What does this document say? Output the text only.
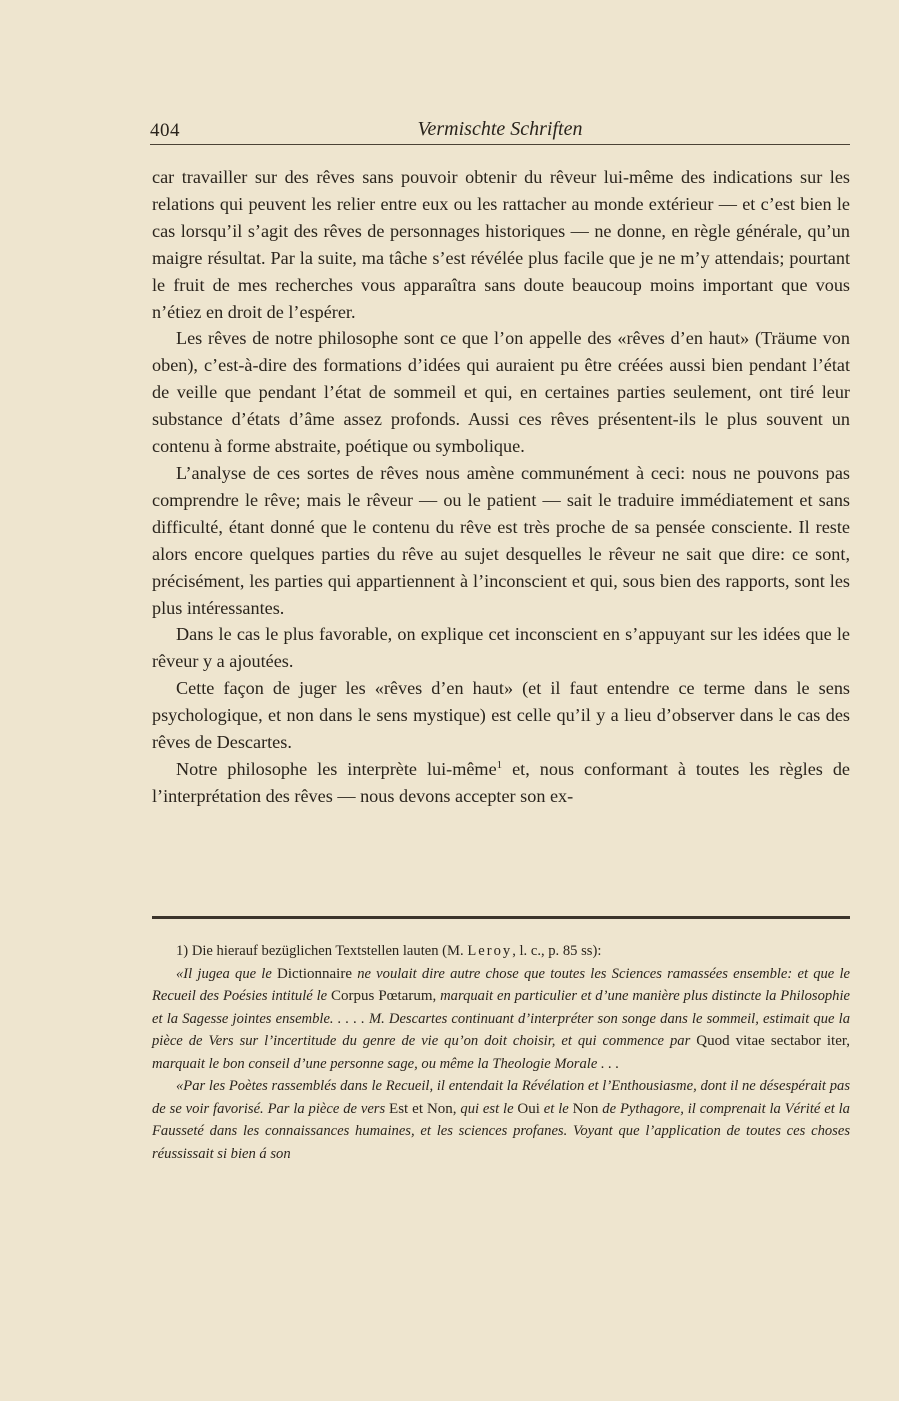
404	Vermischte Schriften

car travailler sur des rêves sans pouvoir obtenir du rêveur lui-même des indications sur les relations qui peuvent les relier entre eux ou les rattacher au monde extérieur — et c’est bien le cas lorsqu’il s’agit des rêves de personnages historiques — ne donne, en règle générale, qu’un maigre résultat. Par la suite, ma tâche s’est révélée plus facile que je ne m’y attendais; pourtant le fruit de mes recherches vous apparaîtra sans doute beaucoup moins important que vous n’étiez en droit de l’espérer.

Les rêves de notre philosophe sont ce que l’on appelle des «rêves d’en haut» (Träume von oben), c’est-à-dire des formations d’idées qui auraient pu être créées aussi bien pendant l’état de veille que pendant l’état de sommeil et qui, en certaines parties seulement, ont tiré leur substance d’états d’âme assez profonds. Aussi ces rêves présentent-ils le plus souvent un contenu à forme abstraite, poétique ou symbolique.

L’analyse de ces sortes de rêves nous amène communément à ceci: nous ne pouvons pas comprendre le rêve; mais le rêveur — ou le patient — sait le traduire immédiatement et sans difficulté, étant donné que le contenu du rêve est très proche de sa pensée consciente. Il reste alors encore quelques parties du rêve au sujet desquelles le rêveur ne sait que dire: ce sont, précisément, les parties qui appartiennent à l’inconscient et qui, sous bien des rapports, sont les plus intéressantes.

Dans le cas le plus favorable, on explique cet inconscient en s’appuyant sur les idées que le rêveur y a ajoutées.

Cette façon de juger les «rêves d’en haut» (et il faut entendre ce terme dans le sens psychologique, et non dans le sens mystique) est celle qu’il y a lieu d’observer dans le cas des rêves de Descartes.

Notre philosophe les interprète lui-même$^1$ et, nous conformant à toutes les règles de l’interprétation des rêves — nous devons accepter son ex-

1) Die hierauf bezüglichen Textstellen lauten (M. Leroy, l. c., p. 85 ss):

«Il jugea que le Dictionnaire ne voulait dire autre chose que toutes les Sciences ramassées ensemble: et que le Recueil des Poésies intitulé le Corpus Pœtarum, marquait en particulier et d’une manière plus distincte la Philosophie et la Sagesse jointes ensemble. . . . . M. Descartes continuant d’interpréter son songe dans le sommeil, estimait que la pièce de Vers sur l’incertitude du genre de vie qu’on doit choisir, et qui commence par Quod vitae sectabor iter, marquait le bon conseil d’une personne sage, ou même la Theologie Morale . . .

«Par les Poètes rassemblés dans le Recueil, il entendait la Révélation et l’Enthousiasme, dont il ne désespérait pas de se voir favorisé. Par la pièce de vers Est et Non, qui est le Oui et le Non de Pythagore, il comprenait la Vérité et la Fausseté dans les connaissances humaines, et les sciences profanes. Voyant que l’application de toutes ces choses réussissait si bien á son
